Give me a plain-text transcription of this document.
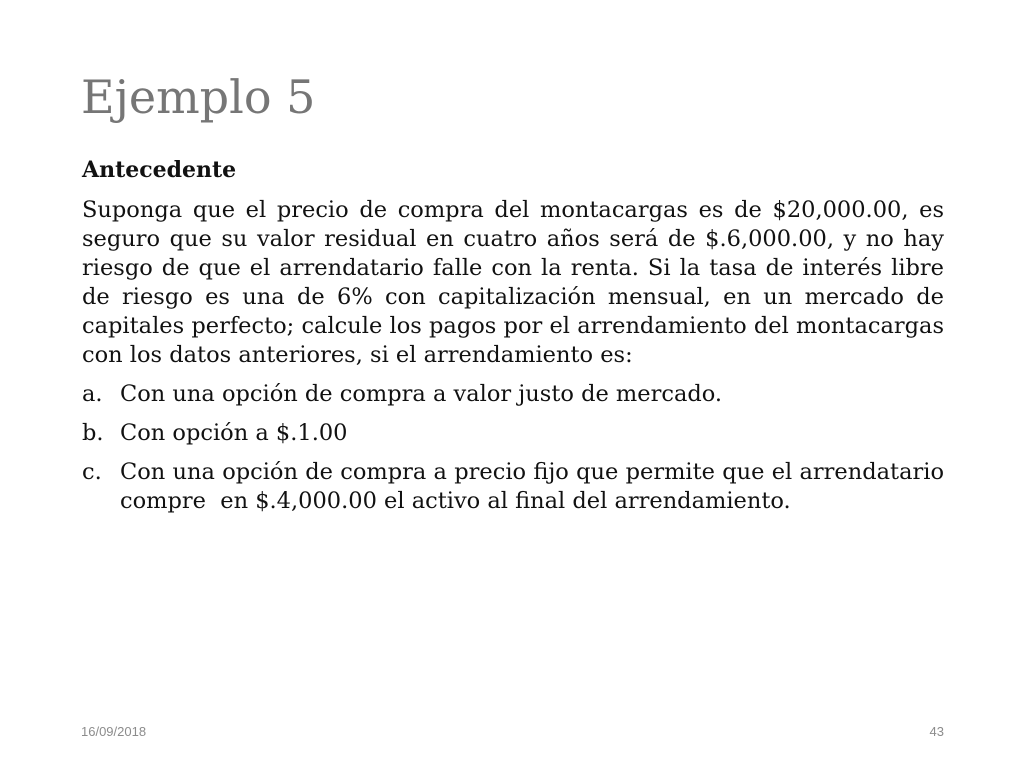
Ejemplo 5
Antecedente
Suponga que el precio de compra del montacargas es de $20,000.00, es seguro que su valor residual en cuatro años será de $.6,000.00, y no hay riesgo de que el arrendatario falle con la renta. Si la tasa de interés libre de riesgo es una de 6% con capitalización mensual, en un mercado de capitales perfecto; calcule los pagos por el arrendamiento del montacargas con los datos anteriores, si el arrendamiento es:
a. Con una opción de compra a valor justo de mercado.
b. Con opción a $.1.00
c. Con una opción de compra a precio fijo que permite que el arrendatario compre  en $.4,000.00 el activo al final del arrendamiento.
16/09/2018	43
